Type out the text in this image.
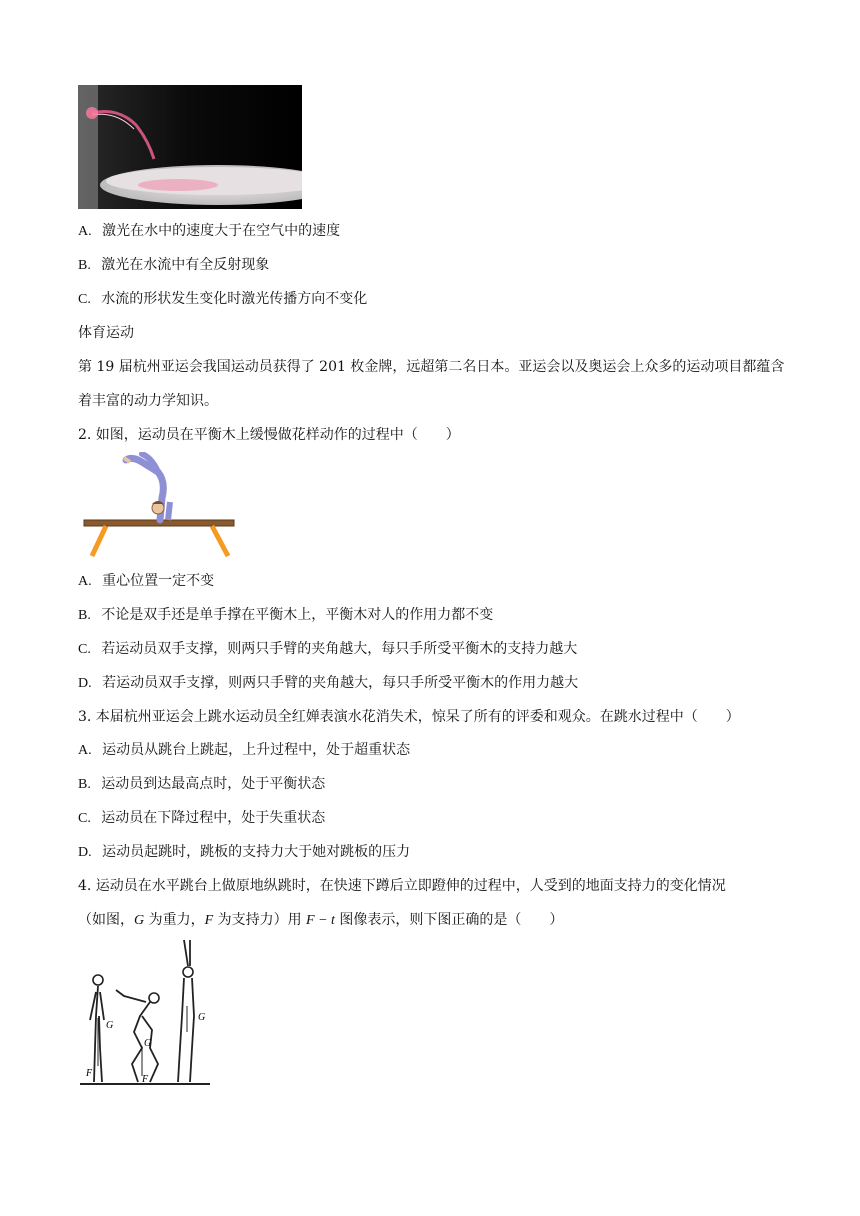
A. 激光在水中的速度大于在空气中的速度
B. 激光在水流中有全反射现象
C. 水流的形状发生变化时激光传播方向不变化
体育运动
第 19 届杭州亚运会我国运动员获得了 201 枚金牌，远超第二名日本。亚运会以及奥运会上众多的运动项目都蕴含着丰富的动力学知识。
2. 如图，运动员在平衡木上缓慢做花样动作的过程中（　　）
A. 重心位置一定不变
B. 不论是双手还是单手撑在平衡木上，平衡木对人的作用力都不变
C. 若运动员双手支撑，则两只手臂的夹角越大，每只手所受平衡木的支持力越大
D. 若运动员双手支撑，则两只手臂的夹角越大，每只手所受平衡木的作用力越大
3. 本届杭州亚运会上跳水运动员全红婵表演水花消失术，惊呆了所有的评委和观众。在跳水过程中（　　）
A. 运动员从跳台上跳起，上升过程中，处于超重状态
B. 运动员到达最高点时，处于平衡状态
C. 运动员在下降过程中，处于失重状态
D. 运动员起跳时，跳板的支持力大于她对跳板的压力
4. 运动员在水平跳台上做原地纵跳时，在快速下蹲后立即蹬伸的过程中，人受到的地面支持力的变化情况
（如图，G 为重力，F 为支持力）用 F − t 图像表示，则下图正确的是（　　）
G
F
G
F
G
